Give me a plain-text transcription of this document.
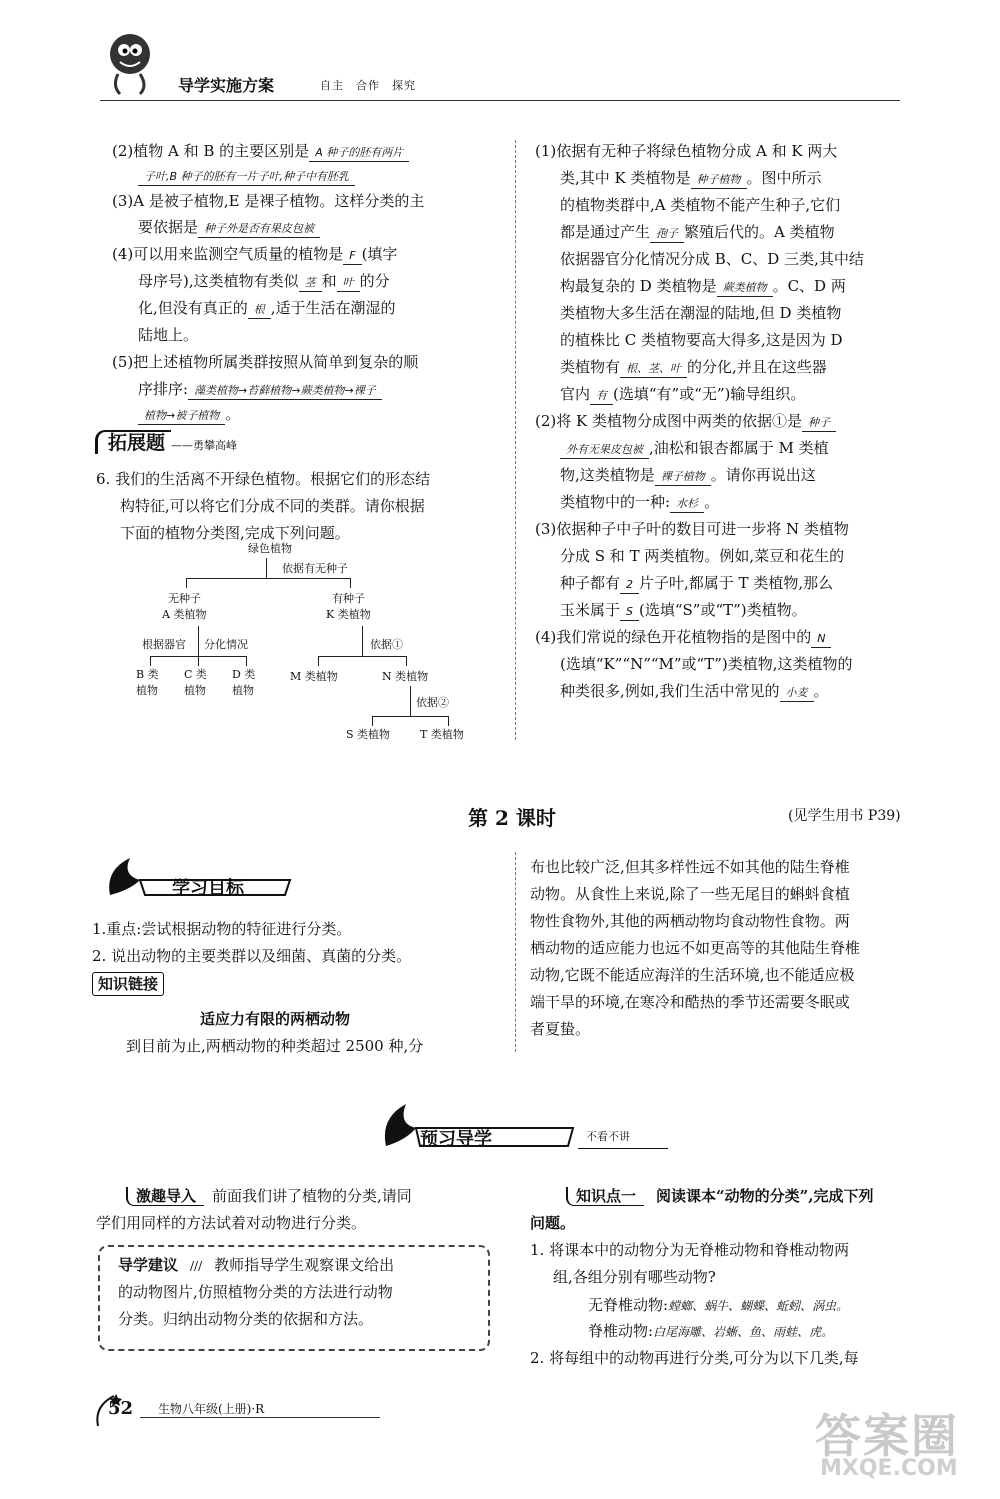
导学实施方案	自主　合作　探究
(2)植物 A 和 B 的主要区别是 A 种子的胚有两片
子叶,B 种子的胚有一片子叶,种子中有胚乳
(3)A 是被子植物,E 是裸子植物。这样分类的主
要依据是 种子外是否有果皮包被
(4)可以用来监测空气质量的植物是 F (填字
母序号),这类植物有类似 茎 和 叶 的分
化,但没有真正的 根 ,适于生活在潮湿的
陆地上。
(5)把上述植物所属类群按照从简单到复杂的顺
序排序: 藻类植物→苔藓植物→蕨类植物→裸子
植物→被子植物 。
拓展题 ——勇攀高峰
6. 我们的生活离不开绿色植物。根据它们的形态结
构特征,可以将它们分成不同的类群。请你根据
下面的植物分类图,完成下列问题。
绿色植物
依据有无种子
无种子
A 类植物
有种子
K 类植物
根据器官 分化情况
B 类
植物
C 类
植物
D 类
植物
依据①
M 类植物	N 类植物
依据②
S 类植物	T 类植物
(1)依据有无种子将绿色植物分成 A 和 K 两大
类,其中 K 类植物是 种子植物 。图中所示
的植物类群中,A 类植物不能产生种子,它们
都是通过产生 孢子 繁殖后代的。A 类植物
依据器官分化情况分成 B、C、D 三类,其中结
构最复杂的 D 类植物是 蕨类植物 。C、D 两
类植物大多生活在潮湿的陆地,但 D 类植物
的植株比 C 类植物要高大得多,这是因为 D
类植物有 根、茎、叶 的分化,并且在这些器
官内 有 (选填“有”或“无”)输导组织。
(2)将 K 类植物分成图中两类的依据①是 种子
外有无果皮包被 ,油松和银杏都属于 M 类植
物,这类植物是 裸子植物 。请你再说出这
类植物中的一种: 水杉 。
(3)依据种子中子叶的数目可进一步将 N 类植物
分成 S 和 T 两类植物。例如,菜豆和花生的
种子都有 2 片子叶,都属于 T 类植物,那么
玉米属于 S (选填“S”或“T”)类植物。
(4)我们常说的绿色开花植物指的是图中的 N
(选填“K”“N”“M”或“T”)类植物,这类植物的
种类很多,例如,我们生活中常见的 小麦 。
第 2 课时	(见学生用书 P39)
学习目标
1.重点:尝试根据动物的特征进行分类。
2. 说出动物的主要类群以及细菌、真菌的分类。
知识链接
适应力有限的两栖动物
到目前为止,两栖动物的种类超过 2500 种,分
布也比较广泛,但其多样性远不如其他的陆生脊椎
动物。从食性上来说,除了一些无尾目的蝌蚪食植
物性食物外,其他的两栖动物均食动物性食物。两
栖动物的适应能力也远不如更高等的其他陆生脊椎
动物,它既不能适应海洋的生活环境,也不能适应极
端干旱的环境,在寒冷和酷热的季节还需要冬眠或
者夏蛰。
预习导学	不看不讲
激趣导入 前面我们讲了植物的分类,请同
学们用同样的方法试着对动物进行分类。
导学建议 /// 教师指导学生观察课文给出
的动物图片,仿照植物分类的方法进行动物
分类。归纳出动物分类的依据和方法。
知识点一 阅读课本“动物的分类”,完成下列
问题。
1. 将课本中的动物分为无脊椎动物和脊椎动物两
组,各组分别有哪些动物?
无脊椎动物:螳螂、蜗牛、蝴蝶、蚯蚓、涡虫。
脊椎动物:白尾海雕、岩蜥、鱼、雨蛙、虎。
2. 将每组中的动物再进行分类,可分为以下几类,每
52 生物八年级(上册)·R	答案圈
MXQE.COM
